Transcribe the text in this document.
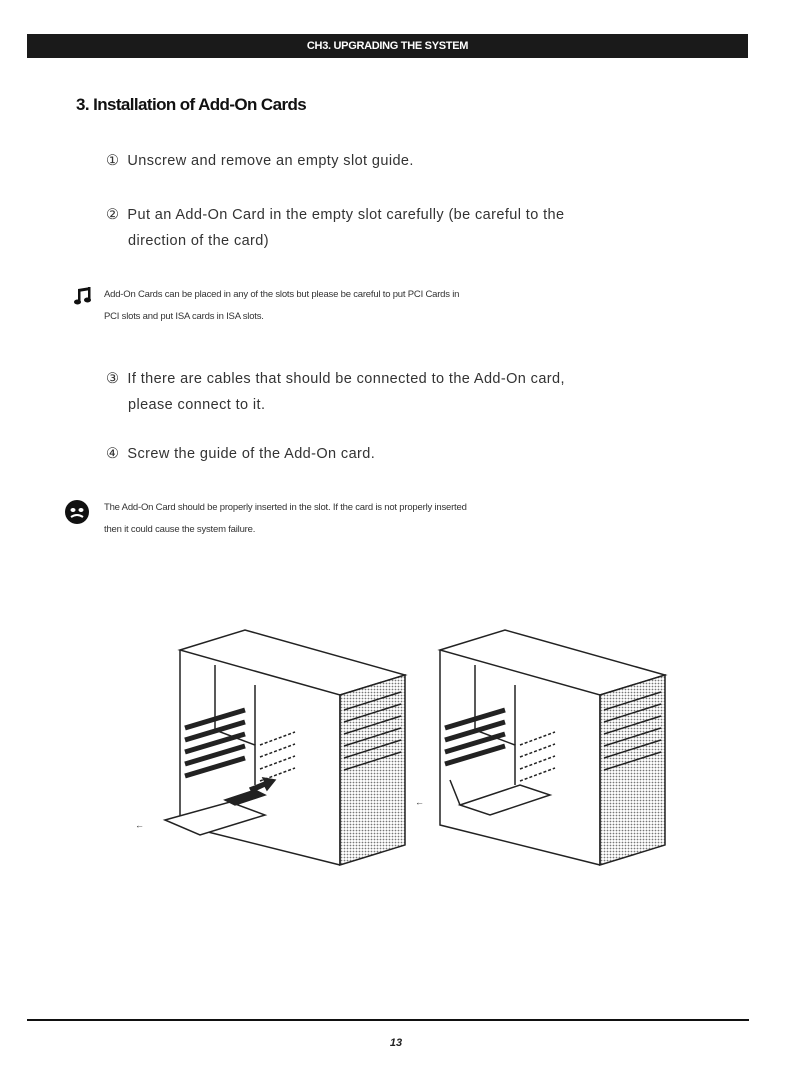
CH3. UPGRADING THE SYSTEM
3. Installation of Add-On Cards
① Unscrew and remove an empty slot guide.
② Put an Add-On Card in the empty slot carefully (be careful to the
direction of the card)
Add-On Cards can be placed in any of the slots but please be careful to put PCI Cards in
PCI slots and put ISA cards in ISA slots.
③ If there are cables that should be connected to the Add-On card,
please connect to it.
④ Screw the guide of the Add-On card.
The Add-On Card should be properly inserted in the slot. If the card is not properly inserted
then it could cause the system failure.
←
←
13
